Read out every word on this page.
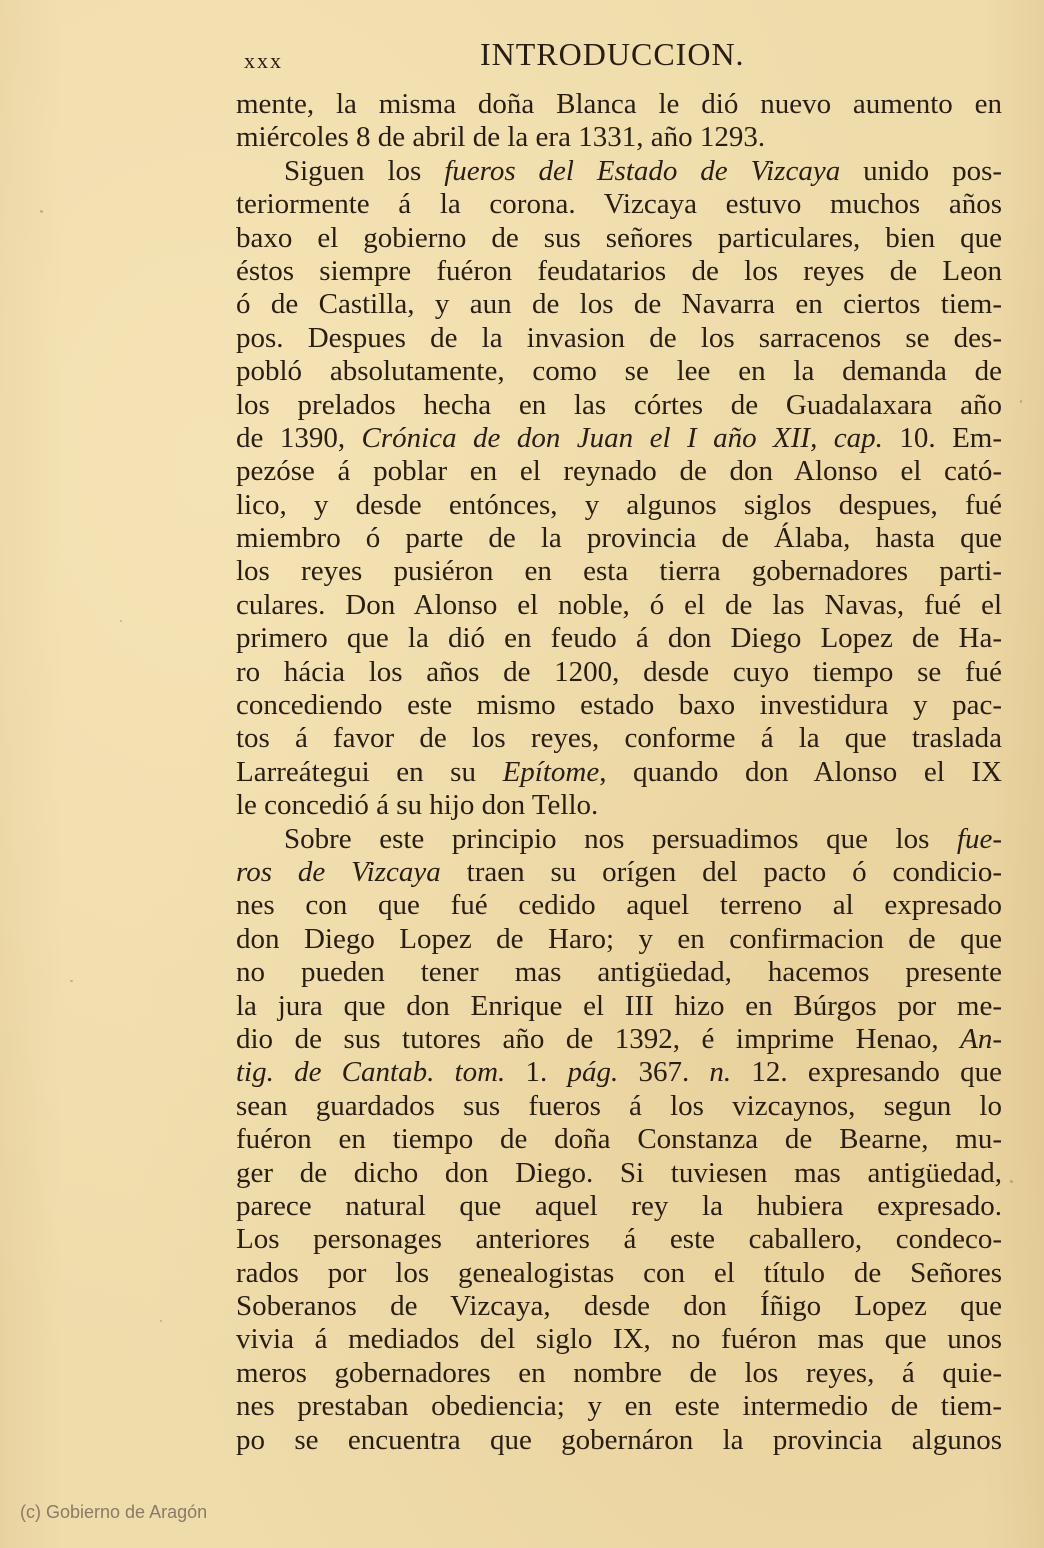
xxx	INTRODUCCION.
mente, la misma doña Blanca le dió nuevo aumento en
miércoles 8 de abril de la era 1331, año 1293.
Siguen los fueros del Estado de Vizcaya unido pos-
teriormente á la corona. Vizcaya estuvo muchos años
baxo el gobierno de sus señores particulares, bien que
éstos siempre fuéron feudatarios de los reyes de Leon
ó de Castilla, y aun de los de Navarra en ciertos tiem-
pos. Despues de la invasion de los sarracenos se des-
pobló absolutamente, como se lee en la demanda de
los prelados hecha en las córtes de Guadalaxara año
de 1390, Crónica de don Juan el I año XII, cap. 10. Em-
pezóse á poblar en el reynado de don Alonso el cató-
lico, y desde entónces, y algunos siglos despues, fué
miembro ó parte de la provincia de Álaba, hasta que
los reyes pusiéron en esta tierra gobernadores parti-
culares. Don Alonso el noble, ó el de las Navas, fué el
primero que la dió en feudo á don Diego Lopez de Ha-
ro hácia los años de 1200, desde cuyo tiempo se fué
concediendo este mismo estado baxo investidura y pac-
tos á favor de los reyes, conforme á la que traslada
Larreátegui en su Epítome, quando don Alonso el IX
le concedió á su hijo don Tello.
Sobre este principio nos persuadimos que los fue-
ros de Vizcaya traen su orígen del pacto ó condicio-
nes con que fué cedido aquel terreno al expresado
don Diego Lopez de Haro; y en confirmacion de que
no pueden tener mas antigüedad, hacemos presente
la jura que don Enrique el III hizo en Búrgos por me-
dio de sus tutores año de 1392, é imprime Henao, An-
tig. de Cantab. tom. 1. pág. 367. n. 12. expresando que
sean guardados sus fueros á los vizcaynos, segun lo
fuéron en tiempo de doña Constanza de Bearne, mu-
ger de dicho don Diego. Si tuviesen mas antigüedad,
parece natural que aquel rey la hubiera expresado.
Los personages anteriores á este caballero, condeco-
rados por los genealogistas con el título de Señores
Soberanos de Vizcaya, desde don Íñigo Lopez que
vivia á mediados del siglo IX, no fuéron mas que unos
meros gobernadores en nombre de los reyes, á quie-
nes prestaban obediencia; y en este intermedio de tiem-
po se encuentra que gobernáron la provincia algunos
(c) Gobierno de Aragón
